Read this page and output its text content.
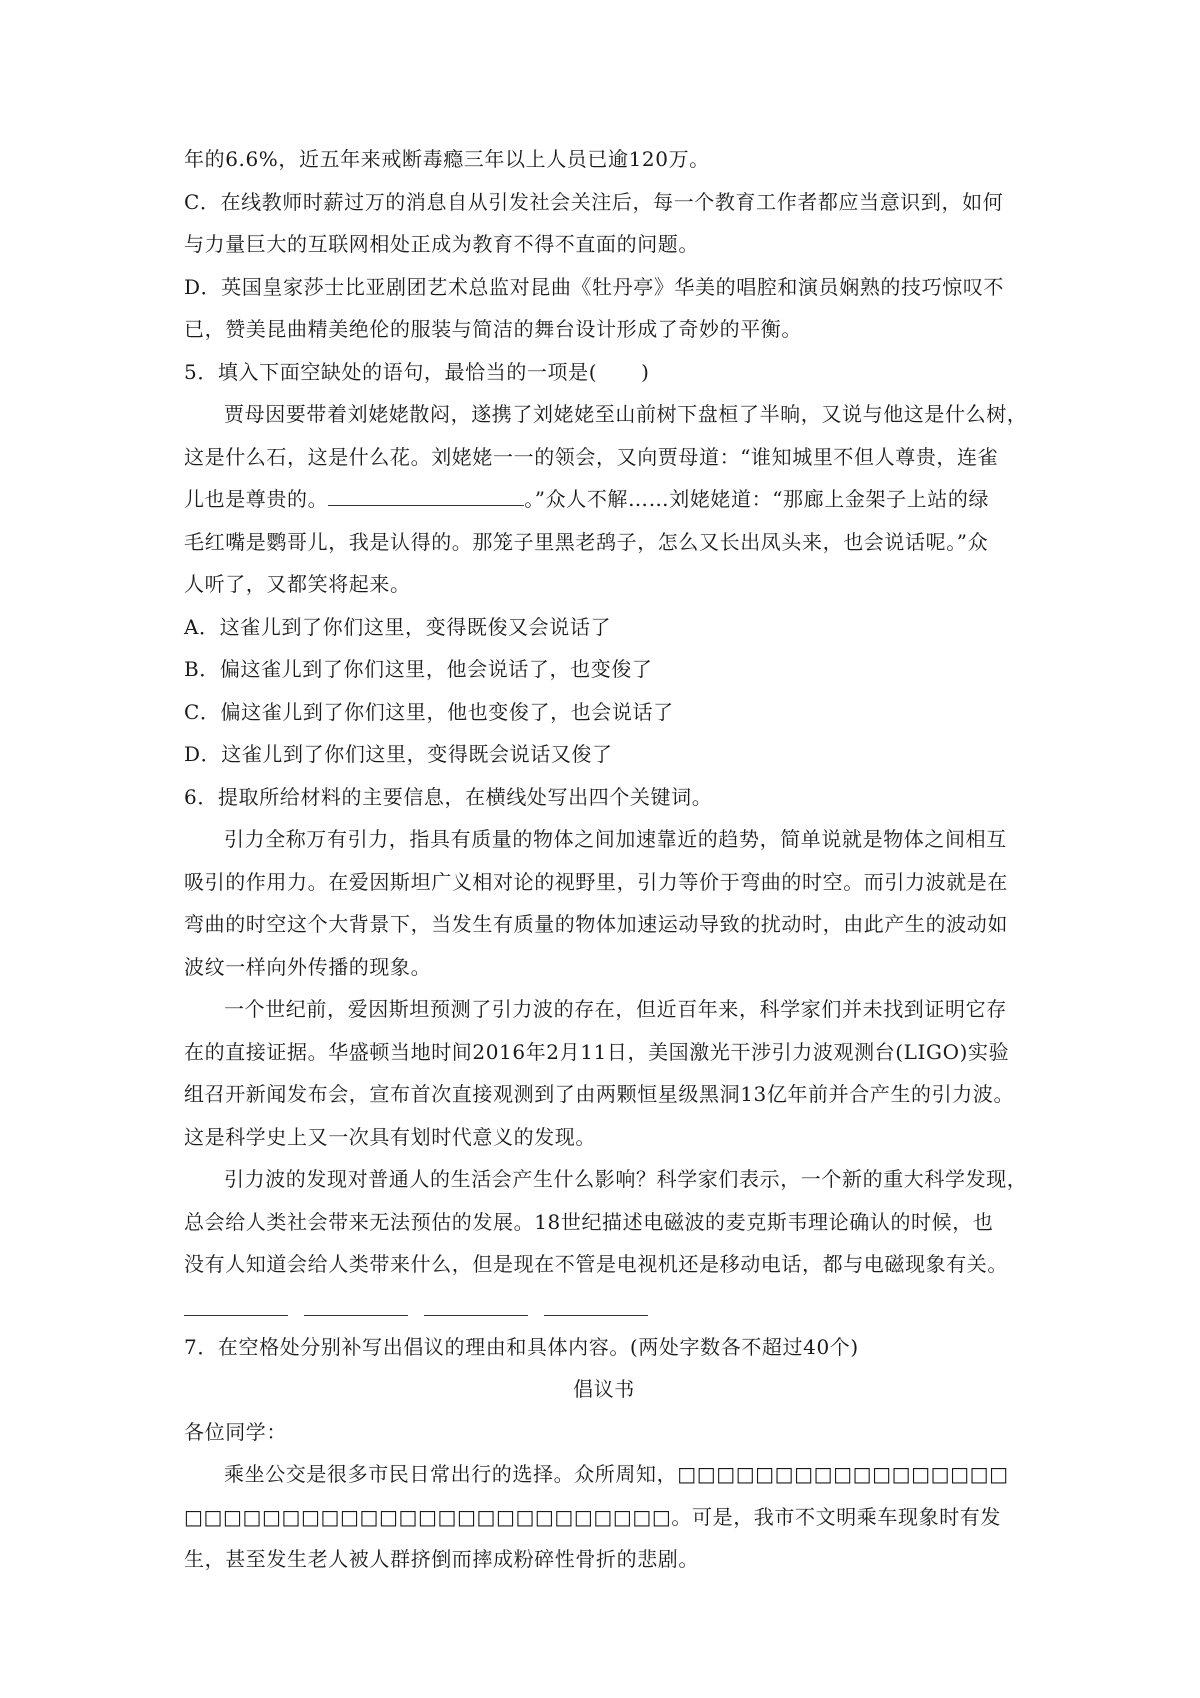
年的6.6%，近五年来戒断毒瘾三年以上人员已逾120万。
C．在线教师时薪过万的消息自从引发社会关注后，每一个教育工作者都应当意识到，如何
与力量巨大的互联网相处正成为教育不得不直面的问题。
D．英国皇家莎士比亚剧团艺术总监对昆曲《牡丹亭》华美的唱腔和演员娴熟的技巧惊叹不
已，赞美昆曲精美绝伦的服装与简洁的舞台设计形成了奇妙的平衡。
5．填入下面空缺处的语句，最恰当的一项是( )
贾母因要带着刘姥姥散闷，遂携了刘姥姥至山前树下盘桓了半晌，又说与他这是什么树，
这是什么石，这是什么花。刘姥姥一一的领会，又向贾母道：“谁知城里不但人尊贵，连雀
儿也是尊贵的。	。”众人不解……刘姥姥道：“那廊上金架子上站的绿
毛红嘴是鹦哥儿，我是认得的。那笼子里黑老鸹子，怎么又长出凤头来，也会说话呢。”众
人听了，又都笑将起来。
A．这雀儿到了你们这里，变得既俊又会说话了
B．偏这雀儿到了你们这里，他会说话了，也变俊了
C．偏这雀儿到了你们这里，他也变俊了，也会说话了
D．这雀儿到了你们这里，变得既会说话又俊了
6．提取所给材料的主要信息，在横线处写出四个关键词。
引力全称万有引力，指具有质量的物体之间加速靠近的趋势，简单说就是物体之间相互
吸引的作用力。在爱因斯坦广义相对论的视野里，引力等价于弯曲的时空。而引力波就是在
弯曲的时空这个大背景下，当发生有质量的物体加速运动导致的扰动时，由此产生的波动如
波纹一样向外传播的现象。
一个世纪前，爱因斯坦预测了引力波的存在，但近百年来，科学家们并未找到证明它存
在的直接证据。华盛顿当地时间2016年2月11日，美国激光干涉引力波观测台(LIGO)实验
组召开新闻发布会，宣布首次直接观测到了由两颗恒星级黑洞13亿年前并合产生的引力波。
这是科学史上又一次具有划时代意义的发现。
引力波的发现对普通人的生活会产生什么影响？科学家们表示，一个新的重大科学发现，
总会给人类社会带来无法预估的发展。18世纪描述电磁波的麦克斯韦理论确认的时候，也
没有人知道会给人类带来什么，但是现在不管是电视机还是移动电话，都与电磁现象有关。
7．在空格处分别补写出倡议的理由和具体内容。(两处字数各不超过40个)
倡议书
各位同学：
乘坐公交是很多市民日常出行的选择。众所周知，□□□□□□□□□□□□□□□□□
□□□□□□□□□□□□□□□□□□□□□□□□□。可是，我市不文明乘车现象时有发
生，甚至发生老人被人群挤倒而摔成粉碎性骨折的悲剧。
